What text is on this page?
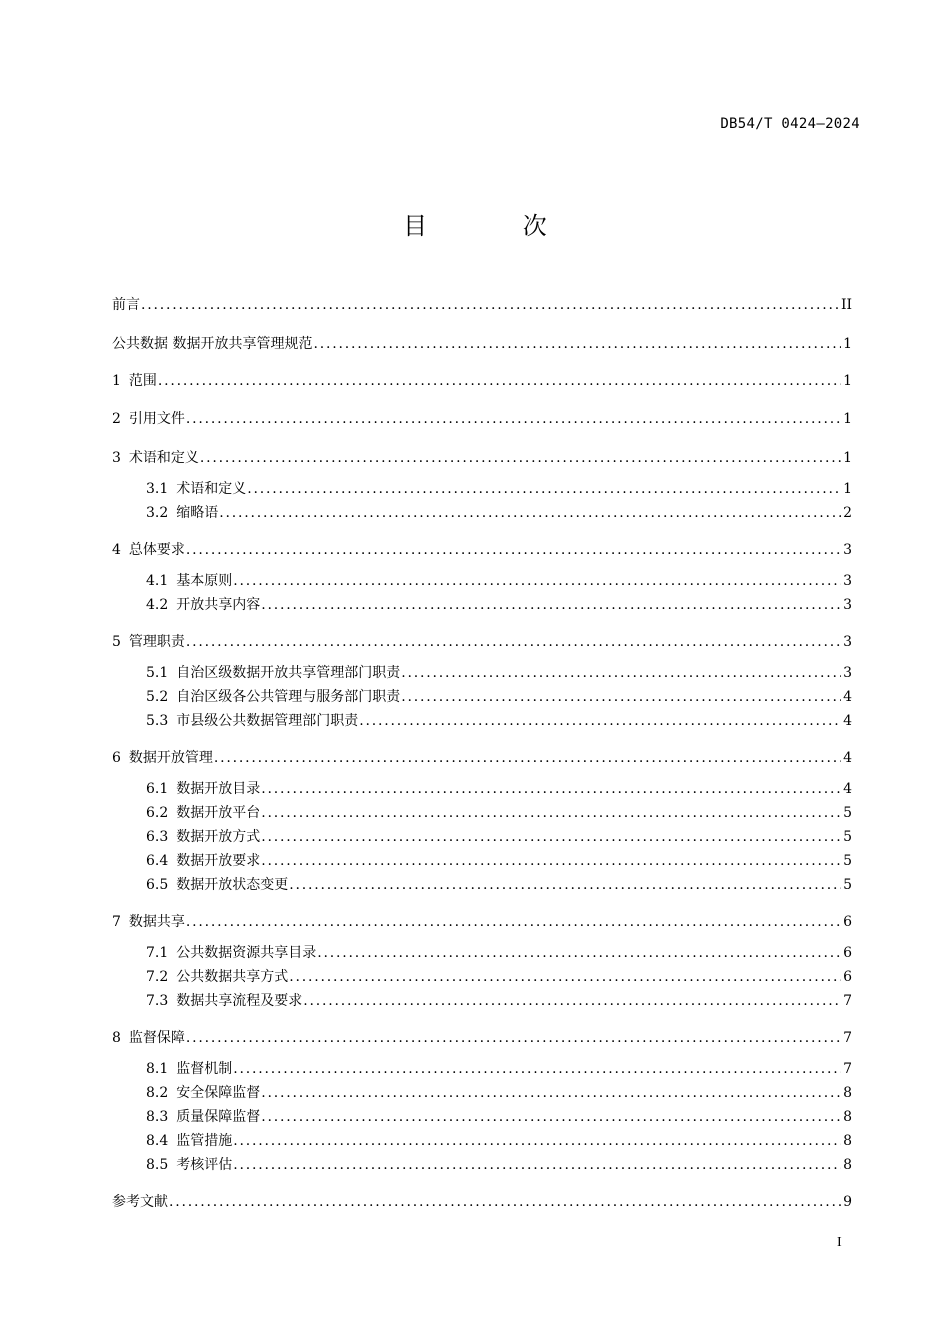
DB54/T 0424—2024
目 次
前言 .....	II
公共数据 数据开放共享管理规范 .....	1
1 范围 .....	1
2 引用文件 .....	1
3 术语和定义 .....	1
3.1 术语和定义 .....	1
3.2 缩略语 .....	2
4 总体要求 .....	3
4.1 基本原则 .....	3
4.2 开放共享内容 .....	3
5 管理职责 .....	3
5.1 自治区级数据开放共享管理部门职责 .....	3
5.2 自治区级各公共管理与服务部门职责 .....	4
5.3 市县级公共数据管理部门职责 .....	4
6 数据开放管理 .....	4
6.1 数据开放目录 .....	4
6.2 数据开放平台 .....	5
6.3 数据开放方式 .....	5
6.4 数据开放要求 .....	5
6.5 数据开放状态变更 .....	5
7 数据共享 .....	6
7.1 公共数据资源共享目录 .....	6
7.2 公共数据共享方式 .....	6
7.3 数据共享流程及要求 .....	7
8 监督保障 .....	7
8.1 监督机制 .....	7
8.2 安全保障监督 .....	8
8.3 质量保障监督 .....	8
8.4 监管措施 .....	8
8.5 考核评估 .....	8
参考文献 .....	9
I
